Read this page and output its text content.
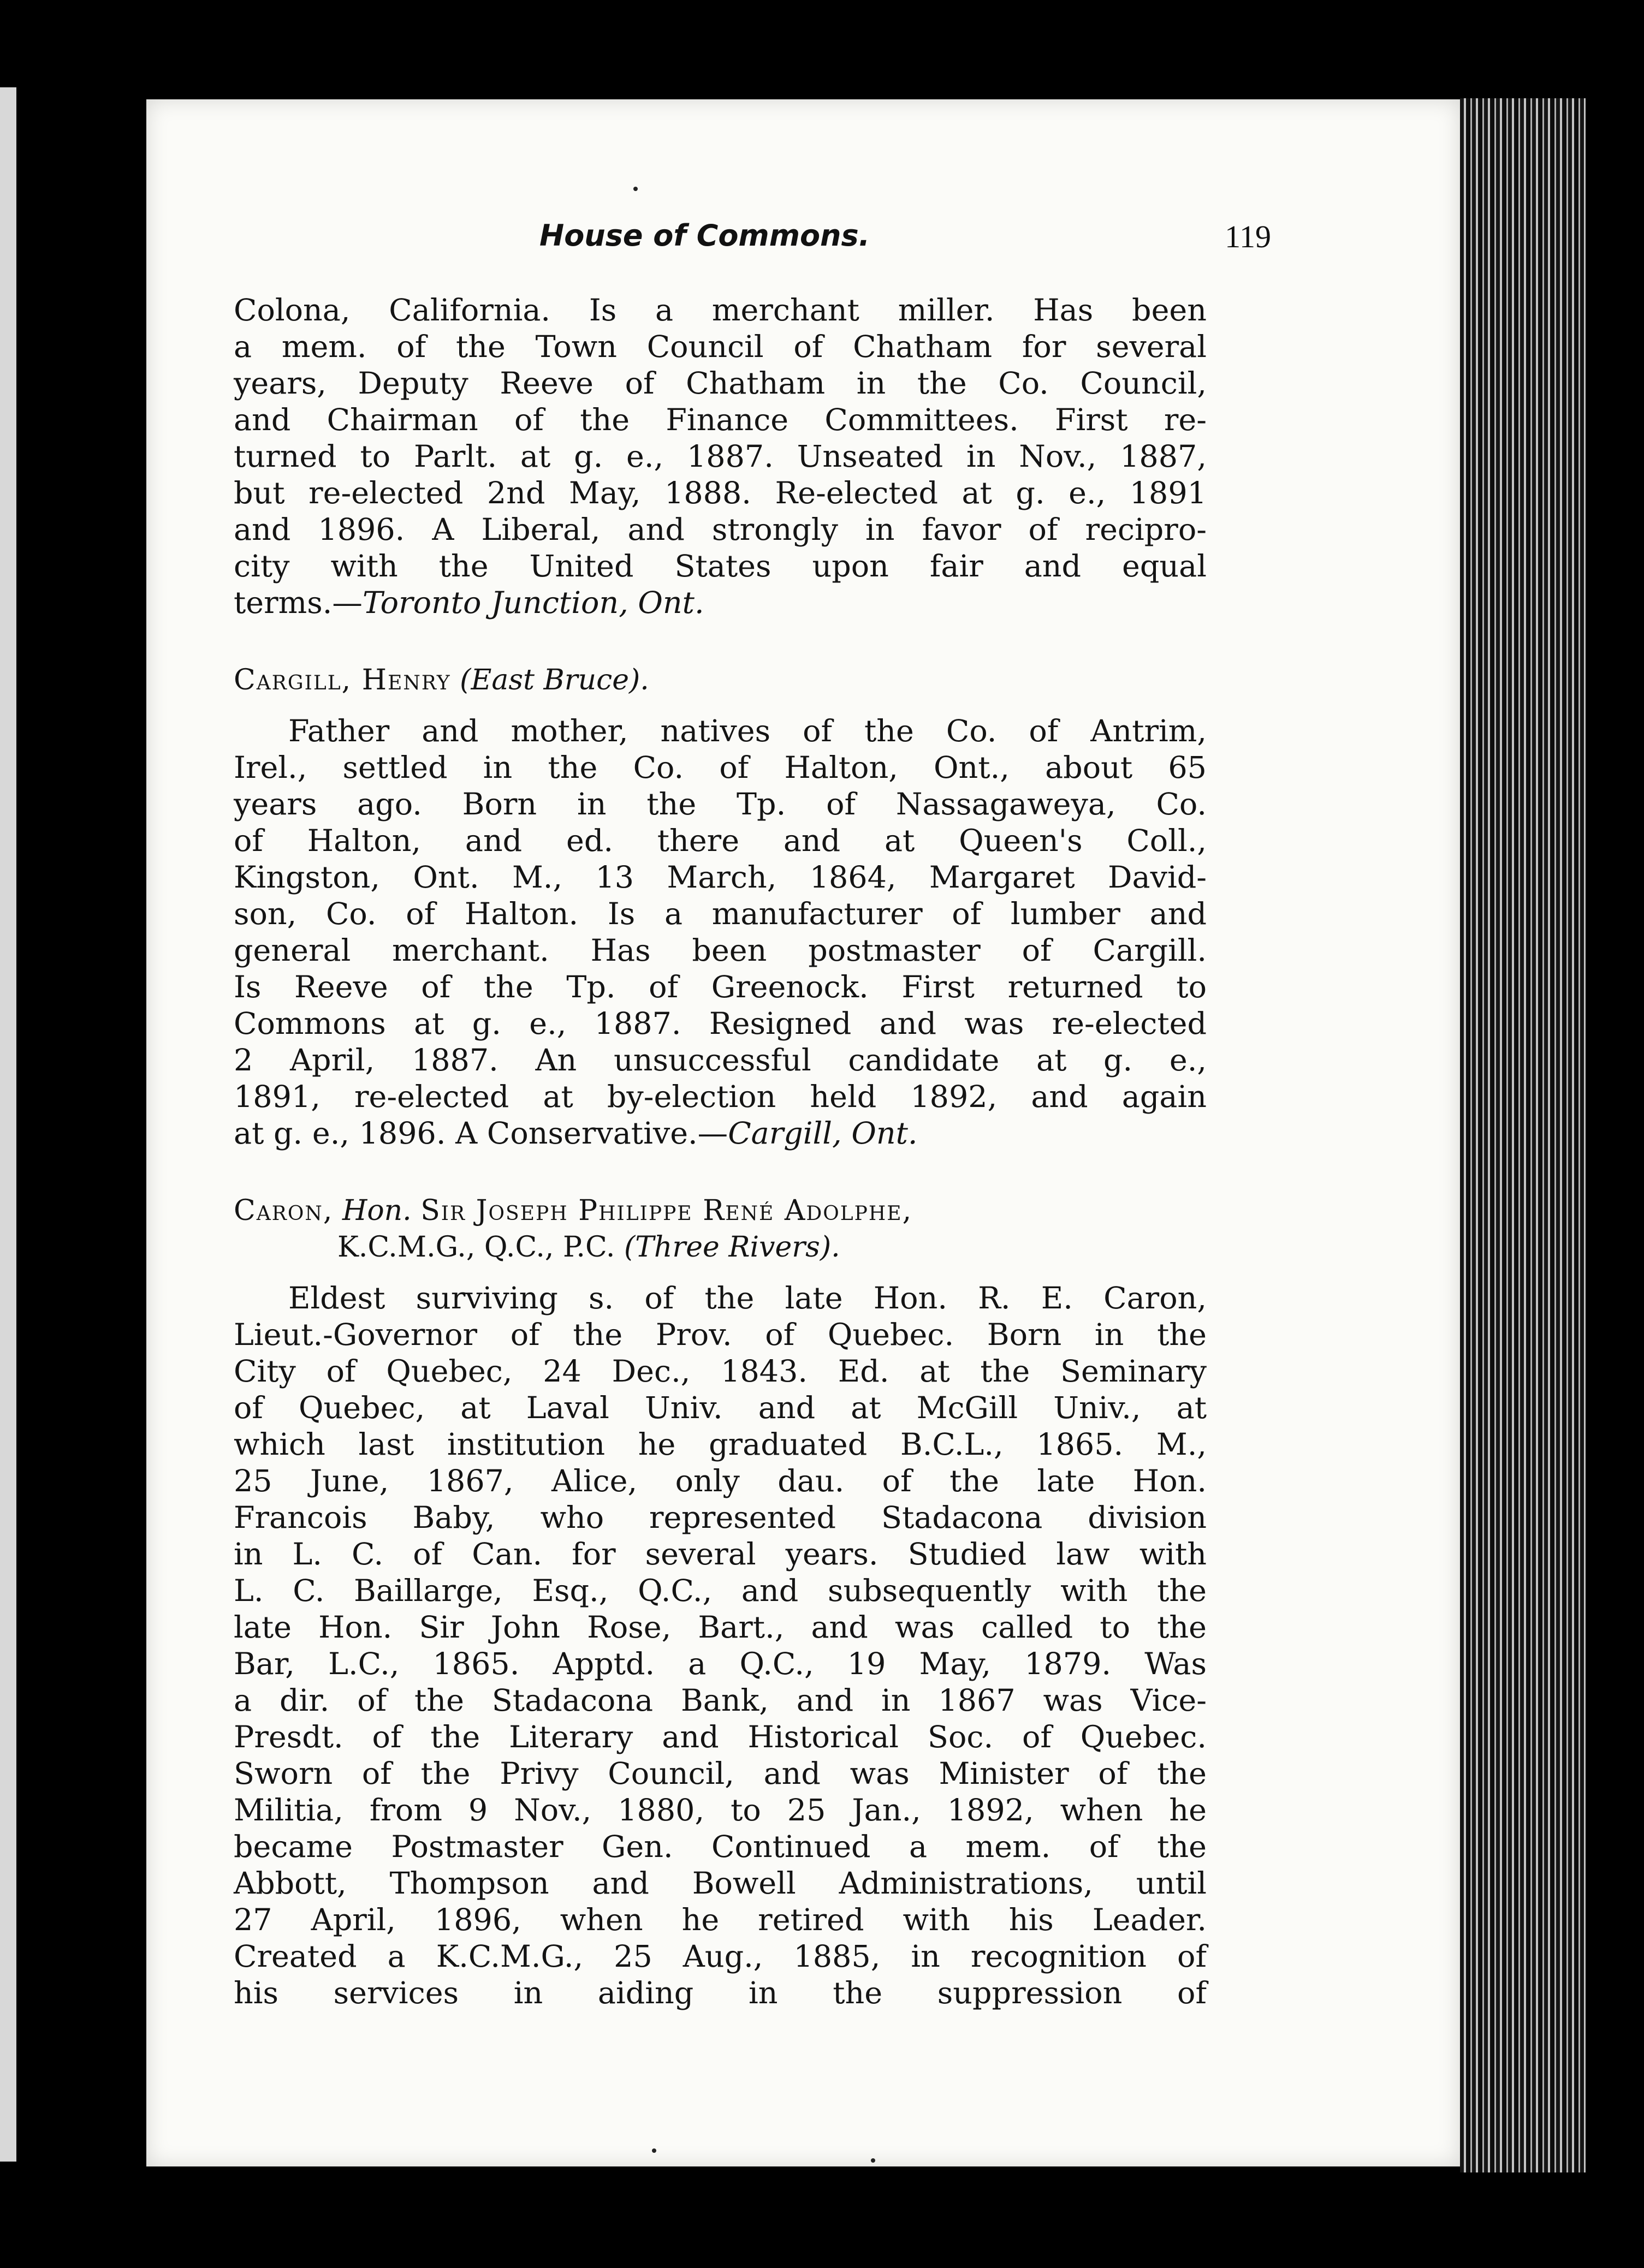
House of Commons.	119

Colona, California. Is a merchant miller. Has been

a mem. of the Town Council of Chatham for several

years, Deputy Reeve of Chatham in the Co. Council,

and Chairman of the Finance Committees. First re-

turned to Parlt. at g. e., 1887. Unseated in Nov., 1887,

but re-elected 2nd May, 1888. Re-elected at g. e., 1891

and 1896. A Liberal, and strongly in favor of recipro-

city with the United States upon fair and equal

terms.—Toronto Junction, Ont.

Cargill, Henry (East Bruce).

Father and mother, natives of the Co. of Antrim,

Irel., settled in the Co. of Halton, Ont., about 65

years ago. Born in the Tp. of Nassagaweya, Co.

of Halton, and ed. there and at Queen's Coll.,

Kingston, Ont. M., 13 March, 1864, Margaret David-

son, Co. of Halton. Is a manufacturer of lumber and

general merchant. Has been postmaster of Cargill.

Is Reeve of the Tp. of Greenock. First returned to

Commons at g. e., 1887. Resigned and was re-elected

2 April, 1887. An unsuccessful candidate at g. e.,

1891, re-elected at by-election held 1892, and again

at g. e., 1896. A Conservative.—Cargill, Ont.

Caron, Hon. Sir Joseph Philippe René Adolphe,

K.C.M.G., Q.C., P.C. (Three Rivers).

Eldest surviving s. of the late Hon. R. E. Caron,

Lieut.-Governor of the Prov. of Quebec. Born in the

City of Quebec, 24 Dec., 1843. Ed. at the Seminary

of Quebec, at Laval Univ. and at McGill Univ., at

which last institution he graduated B.C.L., 1865. M.,

25 June, 1867, Alice, only dau. of the late Hon.

Francois Baby, who represented Stadacona division

in L. C. of Can. for several years. Studied law with

L. C. Baillarge, Esq., Q.C., and subsequently with the

late Hon. Sir John Rose, Bart., and was called to the

Bar, L.C., 1865. Apptd. a Q.C., 19 May, 1879. Was

a dir. of the Stadacona Bank, and in 1867 was Vice-

Presdt. of the Literary and Historical Soc. of Quebec.

Sworn of the Privy Council, and was Minister of the

Militia, from 9 Nov., 1880, to 25 Jan., 1892, when he

became Postmaster Gen. Continued a mem. of the

Abbott, Thompson and Bowell Administrations, until

27 April, 1896, when he retired with his Leader.

Created a K.C.M.G., 25 Aug., 1885, in recognition of

his services in aiding in the suppression of
